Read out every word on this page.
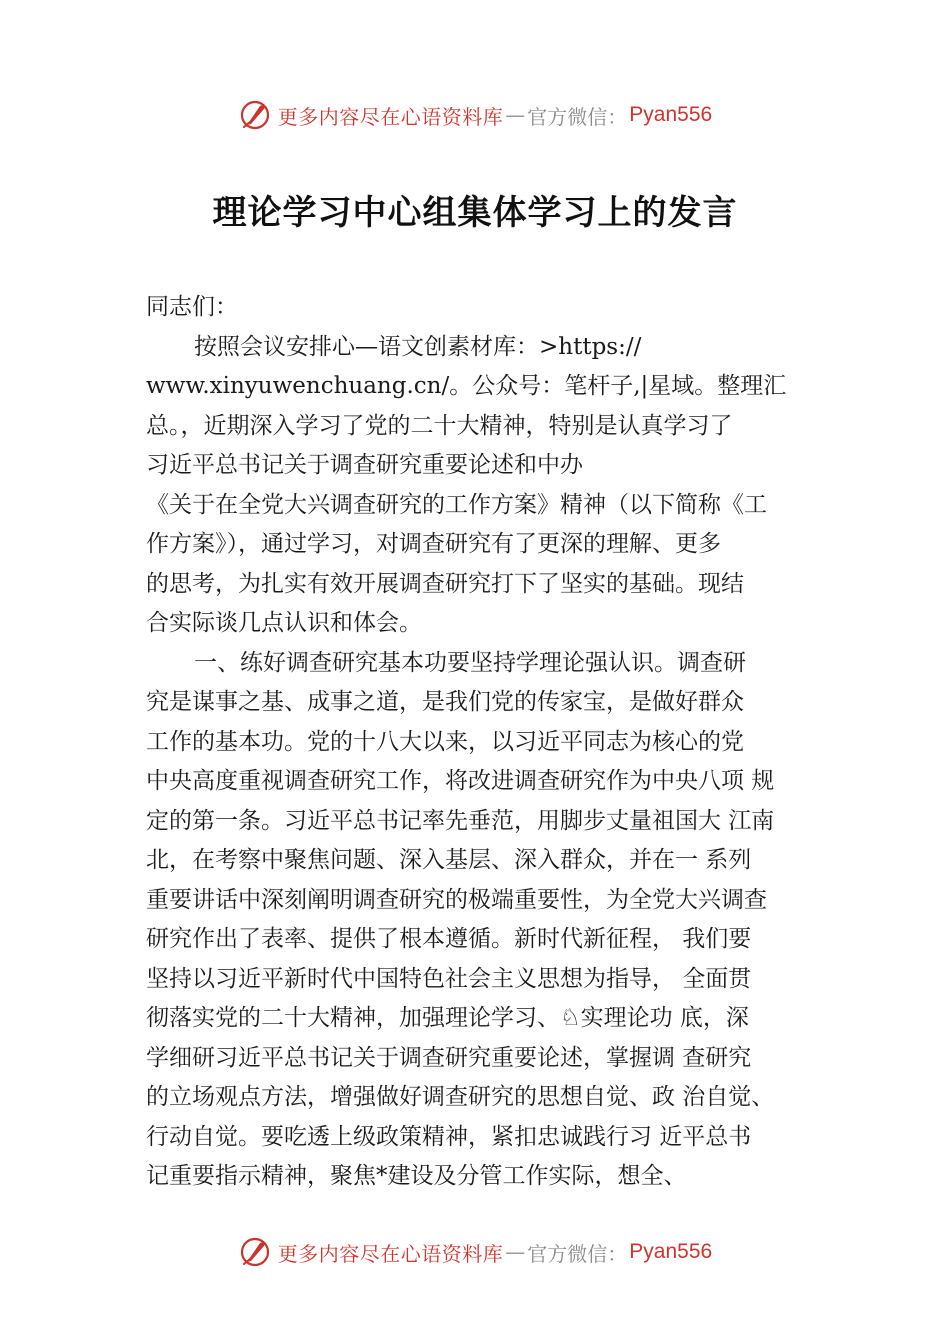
更多内容尽在心语资料库 — 官方微信： Pyan556
理论学习中心组集体学习上的发言
同志们：
按照会议安排心—语文创素材库：>https://
www.xinyuwenchuang.cn/。公众号：笔杆子,|星域。整理汇
总。，近期深入学习了党的二十大精神，特别是认真学习了
习近平总书记关于调查研究重要论述和中办
《关于在全党大兴调查研究的工作方案》精神（以下简称《工
作方案》），通过学习，对调查研究有了更深的理解、更多
的思考，为扎实有效开展调查研究打下了坚实的基础。现结
合实际谈几点认识和体会。
一、练好调查研究基本功要坚持学理论强认识。调查研
究是谋事之基、成事之道，是我们党的传家宝，是做好群众
工作的基本功。党的十八大以来，以习近平同志为核心的党
中央高度重视调查研究工作，将改进调查研究作为中央八项 规
定的第一条。习近平总书记率先垂范，用脚步丈量祖国大 江南
北，在考察中聚焦问题、深入基层、深入群众，并在一 系列
重要讲话中深刻阐明调查研究的极端重要性，为全党大兴调查
研究作出了表率、提供了根本遵循。新时代新征程， 我们要
坚持以习近平新时代中国特色社会主义思想为指导， 全面贯
彻落实党的二十大精神，加强理论学习、♘实理论功 底，深
学细研习近平总书记关于调查研究重要论述，掌握调 查研究
的立场观点方法，增强做好调查研究的思想自觉、政 治自觉、
行动自觉。要吃透上级政策精神，紧扣忠诚践行习 近平总书
记重要指示精神，聚焦*建设及分管工作实际，想全、
更多内容尽在心语资料库 — 官方微信： Pyan556
